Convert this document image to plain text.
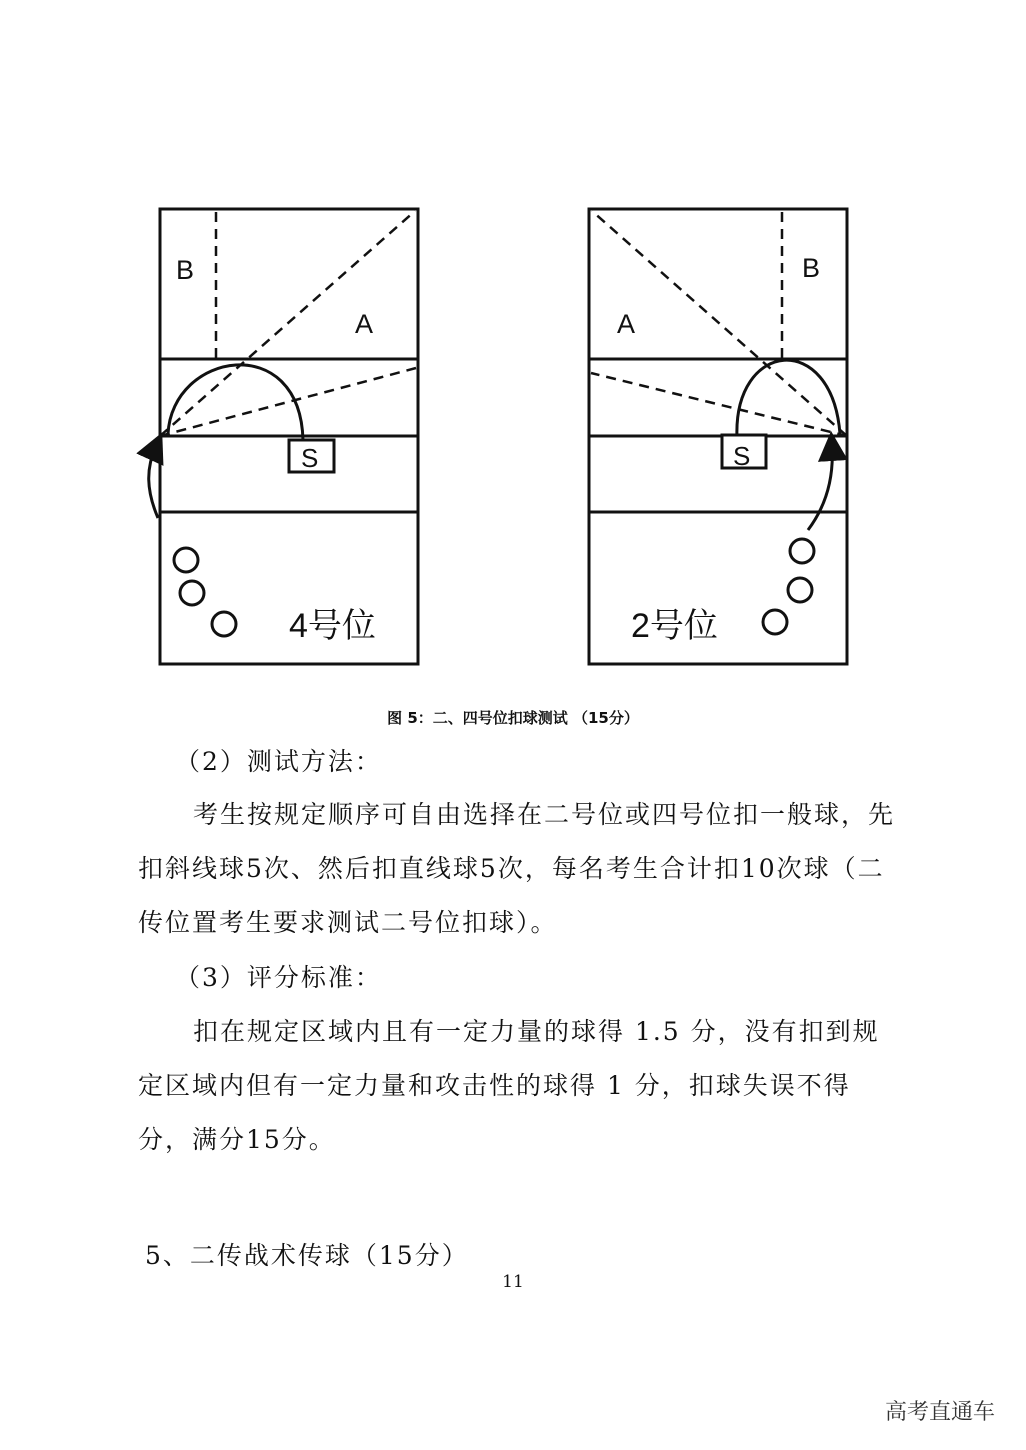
B
A
S
4号位
B
A
S
2号位
图 5：二、四号位扣球测试 （15分）
（2）测试方法：
考生按规定顺序可自由选择在二号位或四号位扣一般球，先扣斜线球5次、然后扣直线球5次，每名考生合计扣10次球（二传位置考生要求测试二号位扣球）。
（3）评分标准：
扣在规定区域内且有一定力量的球得 1.5 分，没有扣到规定区域内但有一定力量和攻击性的球得 1 分，扣球失误不得分，满分15分。
5、二传战术传球（15分）
11
高考直通车
